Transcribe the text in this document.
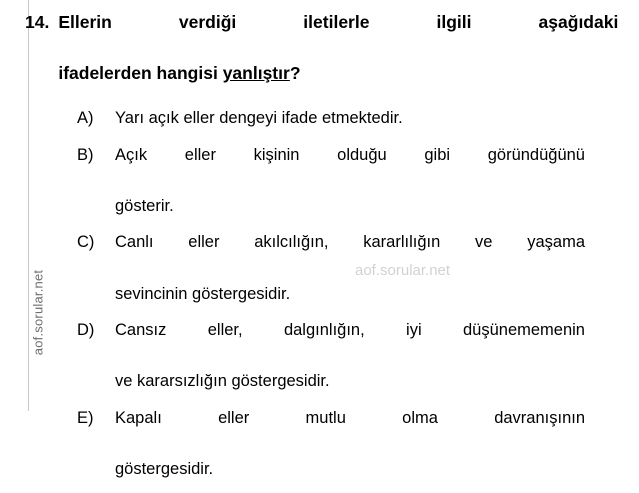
aof.sorular.net	aof.sorular.net
14. Ellerin verdiği iletilerle ilgili aşağıdaki
ifadelerden hangisi yanlıştır?
A)	Yarı açık eller dengeyi ifade etmektedir.
B)	Açık eller kişinin olduğu gibi göründüğünü
gösterir.
C)	Canlı eller akılcılığın, kararlılığın ve yaşama
sevincinin göstergesidir.
D)	Cansız eller, dalgınlığın, iyi düşünememenin
ve kararsızlığın göstergesidir.
E)	Kapalı eller mutlu olma davranışının
göstergesidir.
